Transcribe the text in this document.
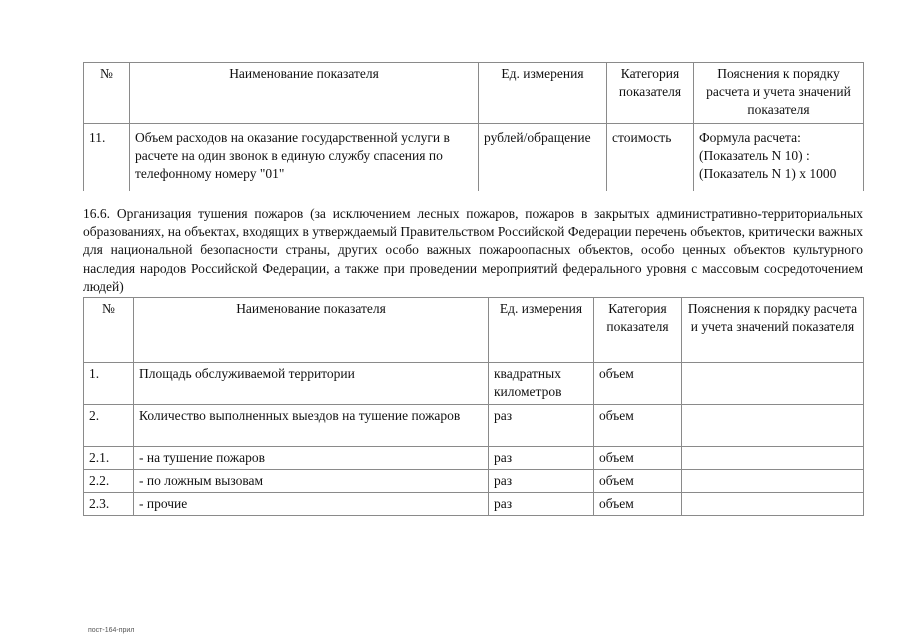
№	Наименование показателя	Ед. измерения	Категория показателя	Пояснения к порядку расчета и учета значений показателя
11.	Объем расходов на оказание государственной услуги в расчете на один звонок в единую службу спасения по телефонному номеру "01"	рублей/обращение	стоимость	Формула расчета:
(Показатель N 10) :
(Показатель N 1) x 1000
16.6. Организация тушения пожаров (за исключением лесных пожаров, пожаров в закрытых административно-территориальных образованиях, на объектах, входящих в утверждаемый Правительством Российской Федерации перечень объектов, критически важных для национальной безопасности страны, других особо важных пожароопасных объектов, особо ценных объектов культурного наследия народов Российской Федерации, а также при проведении мероприятий федерального уровня с массовым сосредоточением людей)
№	Наименование показателя	Ед. измерения	Категория показателя	Пояснения к порядку расчета и учета значений показателя
1.	Площадь обслуживаемой территории	квадратных километров	объем	
2.	Количество выполненных выездов на тушение пожаров	раз	объем	
2.1.	- на тушение пожаров	раз	объем	
2.2.	- по ложным вызовам	раз	объем	
2.3.	- прочие	раз	объем	
пост-164-прил
